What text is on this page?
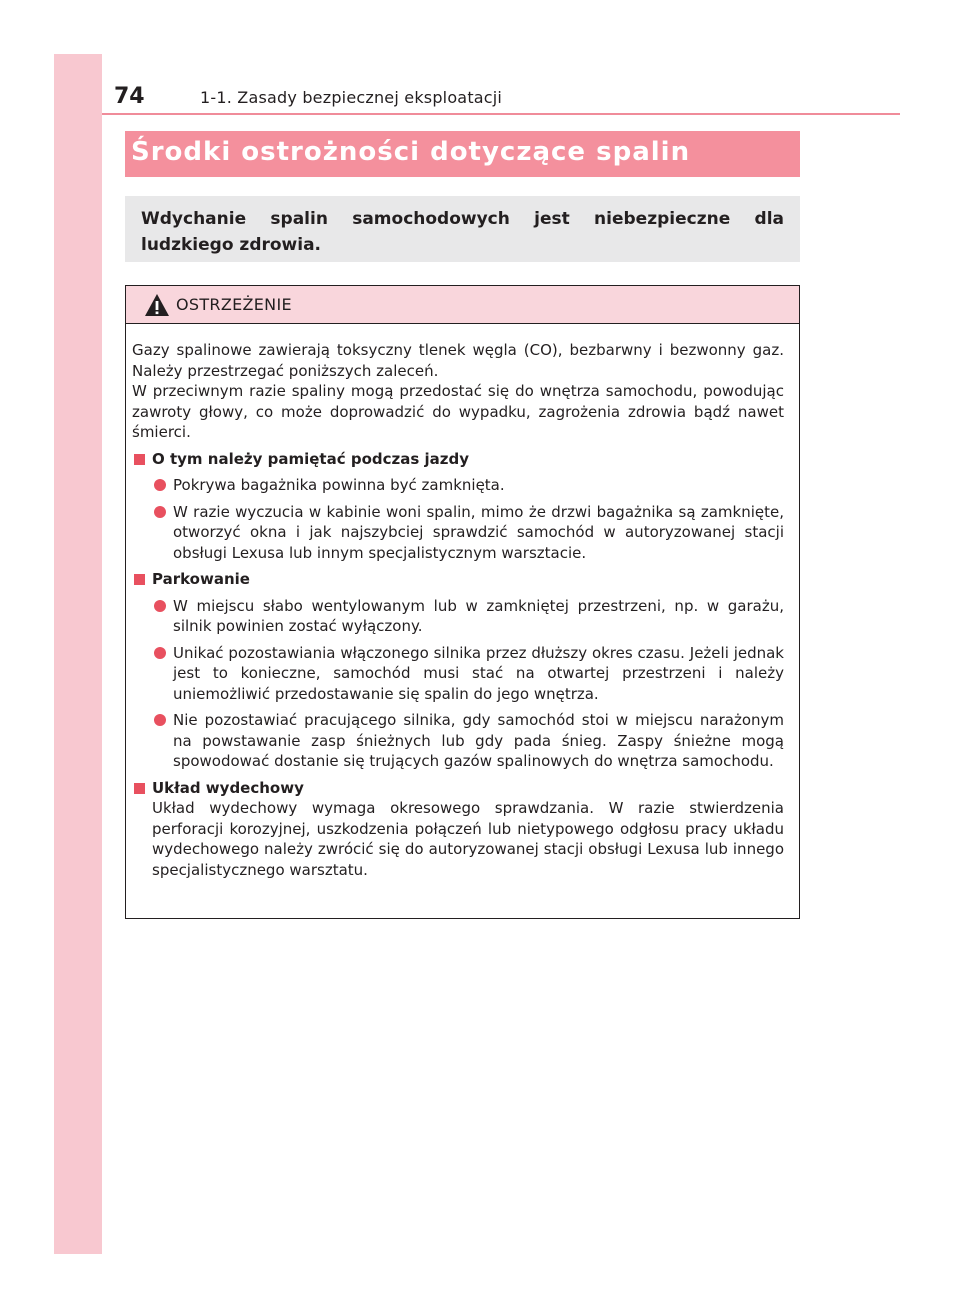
74	1-1. Zasady bezpiecznej eksploatacji
Środki ostrożności dotyczące spalin
Wdychanie spalin samochodowych jest niebezpieczne dla ludzkiego zdrowia.
OSTRZEŻENIE

Gazy spalinowe zawierają toksyczny tlenek węgla (CO), bezbarwny i bezwonny gaz. Należy przestrzegać poniższych zaleceń.

W przeciwnym razie spaliny mogą przedostać się do wnętrza samochodu, powodując zawroty głowy, co może doprowadzić do wypadku, zagrożenia zdrowia bądź nawet śmierci.

O tym należy pamiętać podczas jazdy
Pokrywa bagażnika powinna być zamknięta.
W razie wyczucia w kabinie woni spalin, mimo że drzwi bagażnika są zamknięte, otworzyć okna i jak najszybciej sprawdzić samochód w autoryzowanej stacji obsługi Lexusa lub innym specjalistycznym warsztacie.
Parkowanie
W miejscu słabo wentylowanym lub w zamkniętej przestrzeni, np. w garażu, silnik powinien zostać wyłączony.
Unikać pozostawiania włączonego silnika przez dłuższy okres czasu. Jeżeli jednak jest to konieczne, samochód musi stać na otwartej przestrzeni i należy uniemożliwić przedostawanie się spalin do jego wnętrza.
Nie pozostawiać pracującego silnika, gdy samochód stoi w miejscu narażonym na powstawanie zasp śnieżnych lub gdy pada śnieg. Zaspy śnieżne mogą spowodować dostanie się trujących gazów spalinowych do wnętrza samochodu.
Układ wydechowy

Układ wydechowy wymaga okresowego sprawdzania. W razie stwierdzenia perforacji korozyjnej, uszkodzenia połączeń lub nietypowego odgłosu pracy układu wydechowego należy zwrócić się do autoryzowanej stacji obsługi Lexusa lub innego specjalistycznego warsztatu.
